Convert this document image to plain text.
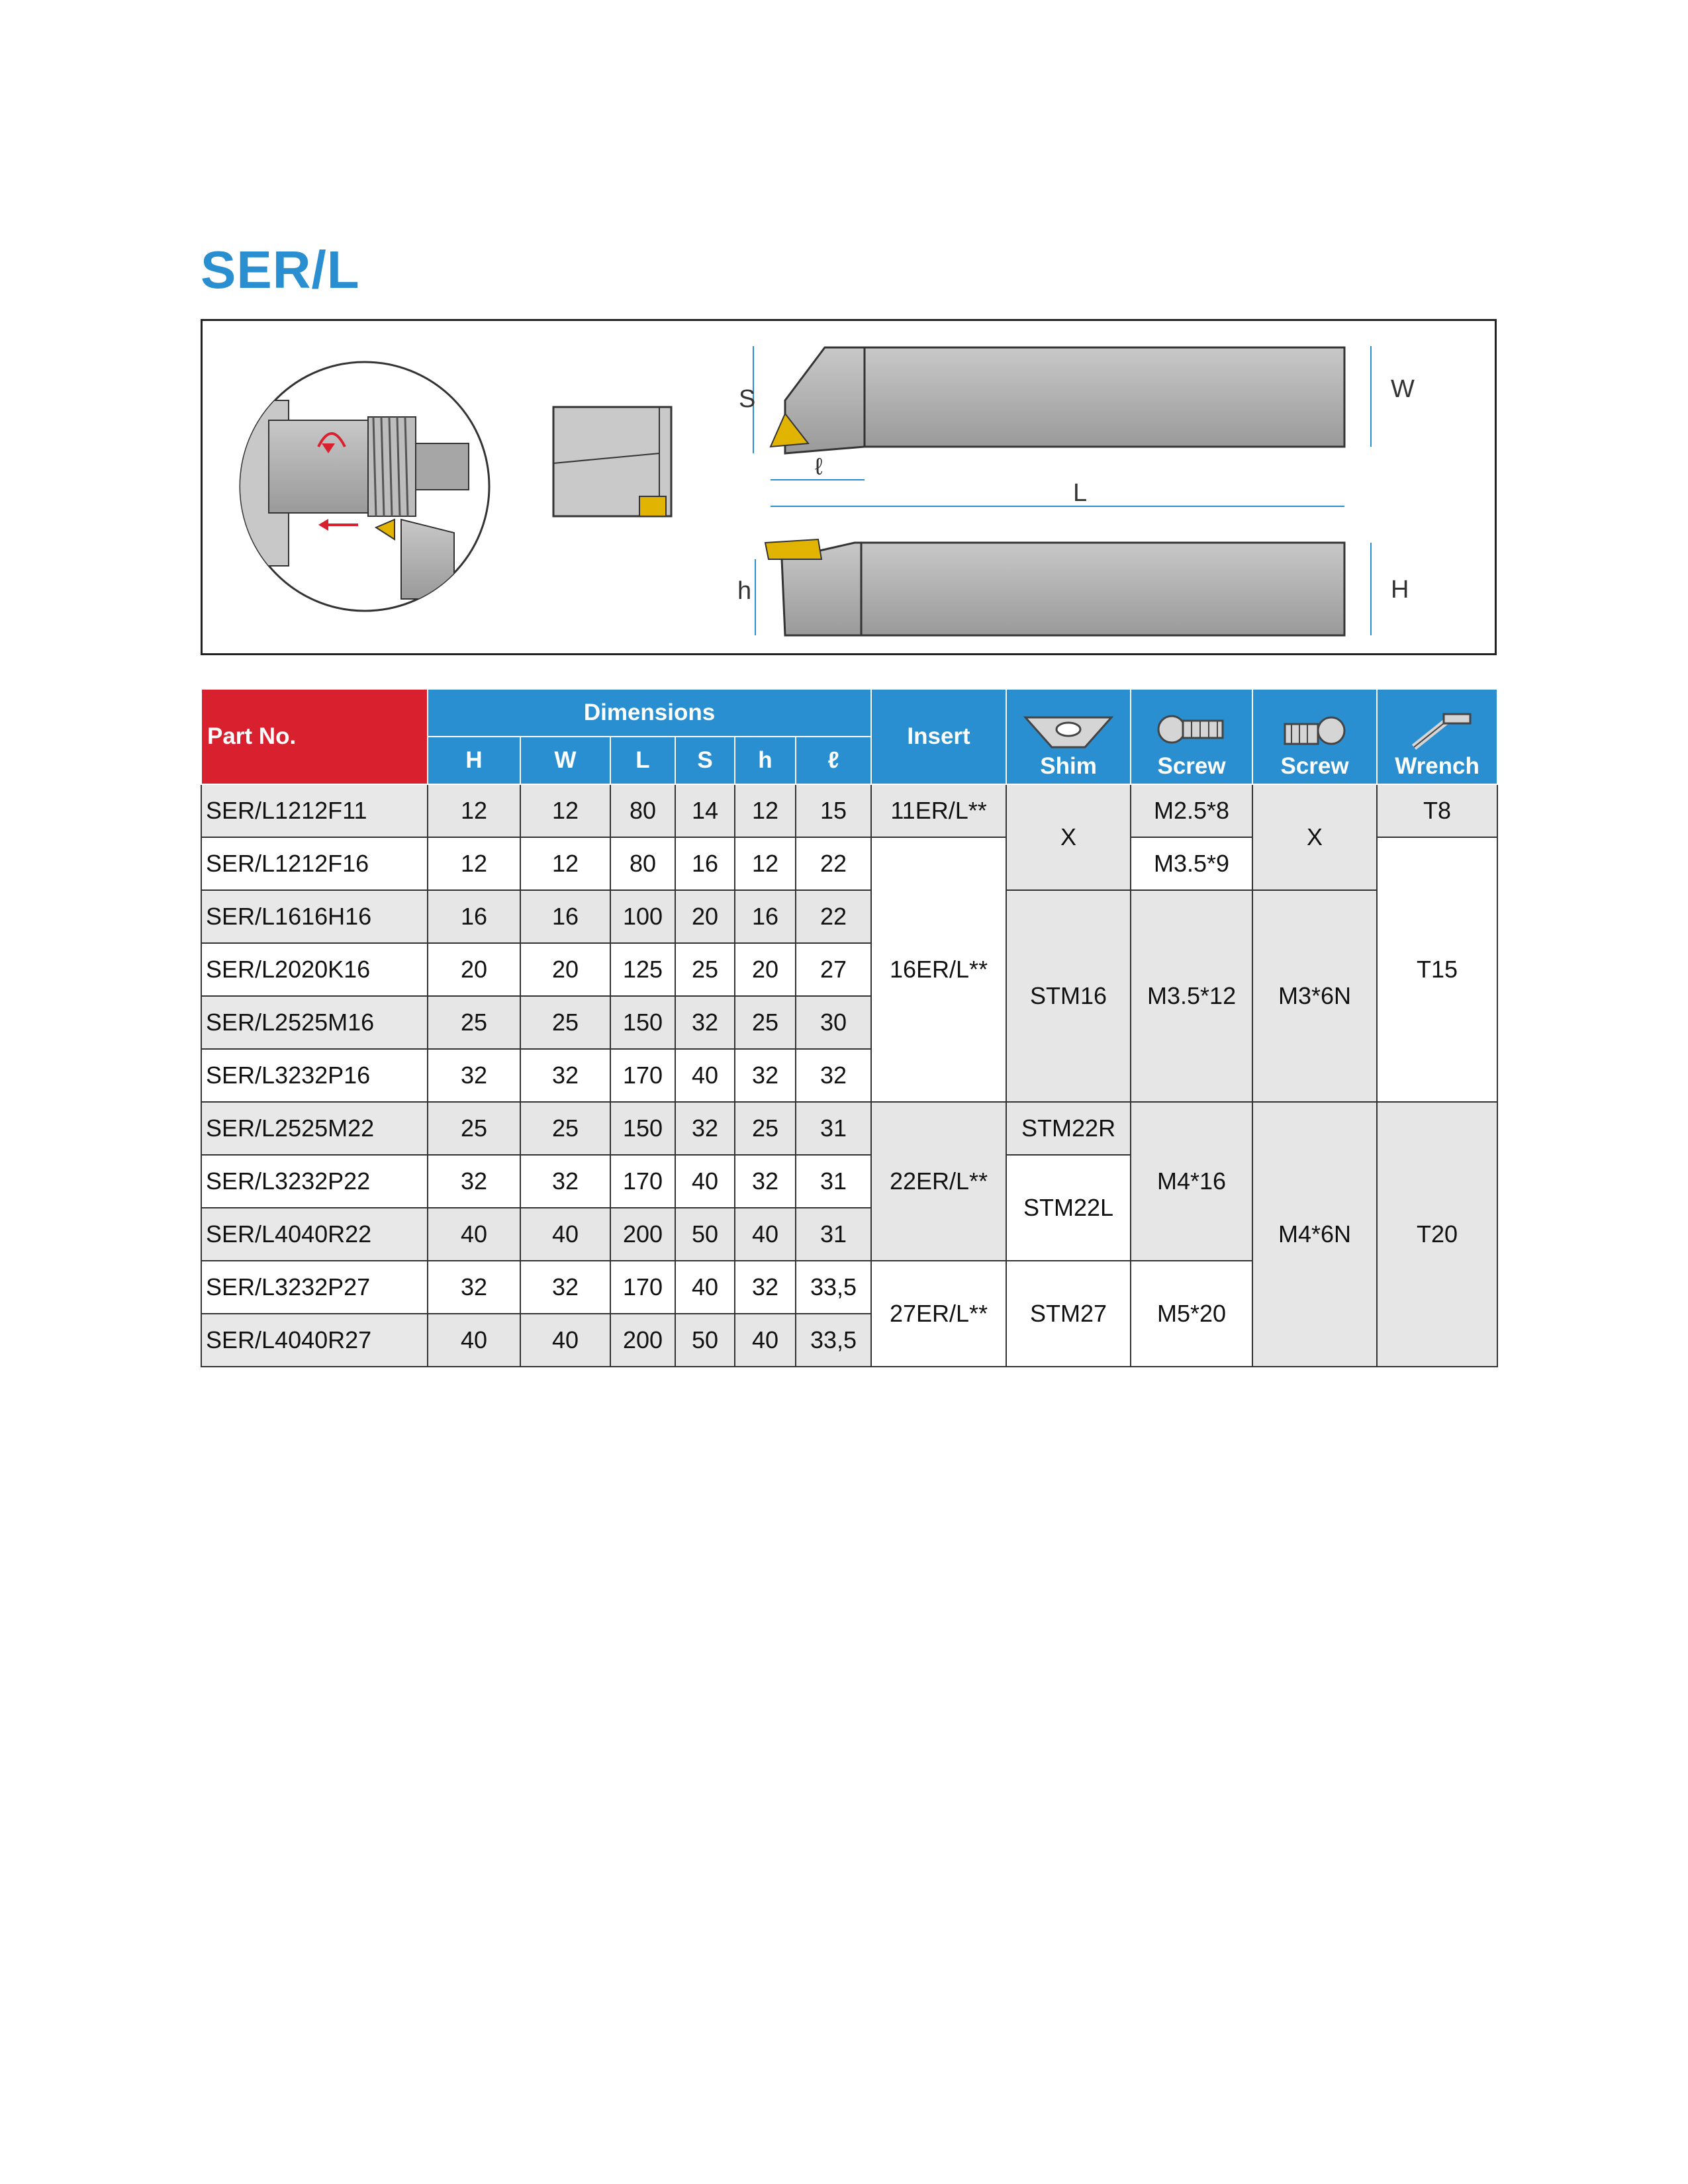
SER/L
S	W
ℓ
L
h	H
Part No.	Dimensions						Insert	Shim	Screw	Screw	Wrench
	H	W	L	S	h	ℓ					
SER/L1212F11	12	12	80	14	12	15	11ER/L**	X	M2.5*8	X	T8
SER/L1212F16	12	12	80	16	12	22	16ER/L**		M3.5*9		T15
SER/L1616H16	16	16	100	20	16	22		STM16	M3.5*12	M3*6N	
SER/L2020K16	20	20	125	25	20	27					
SER/L2525M16	25	25	150	32	25	30					
SER/L3232P16	32	32	170	40	32	32					
SER/L2525M22	25	25	150	32	25	31	22ER/L**	STM22R	M4*16	M4*6N	T20
SER/L3232P22	32	32	170	40	32	31		STM22L			
SER/L4040R22	40	40	200	50	40	31					
SER/L3232P27	32	32	170	40	32	33,5	27ER/L**	STM27	M5*20		
SER/L4040R27	40	40	200	50	40	33,5					
